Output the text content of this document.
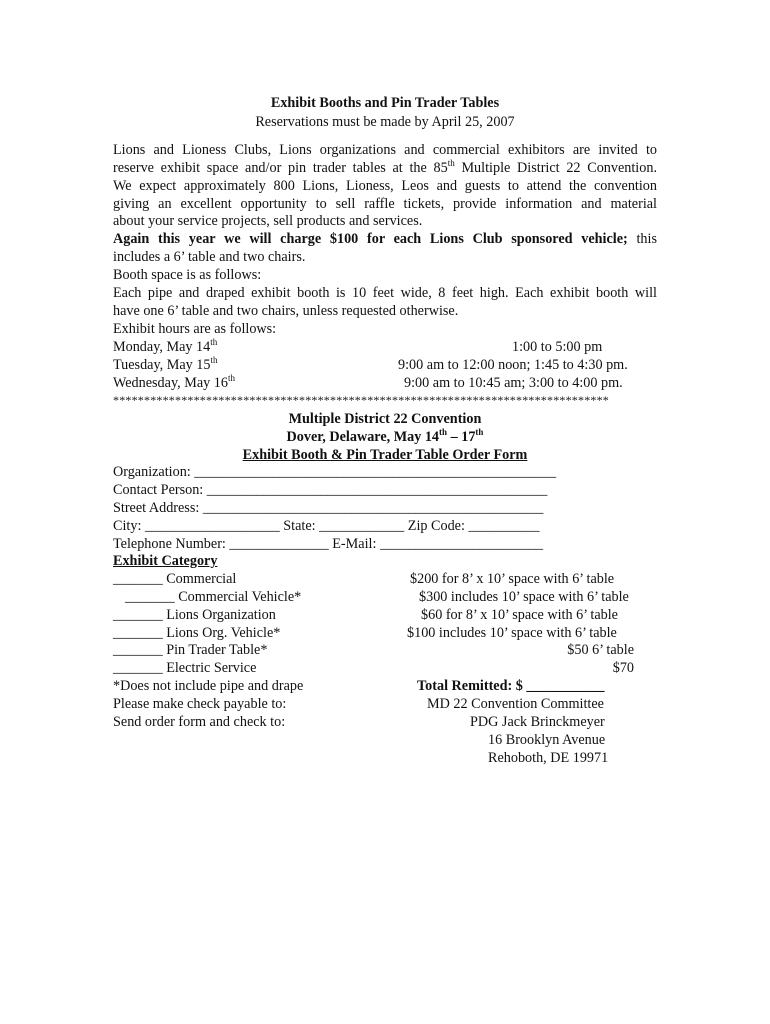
Exhibit Booths and Pin Trader Tables
Reservations must be made by April 25, 2007
Lions and Lioness Clubs, Lions organizations and commercial exhibitors are invited to
reserve exhibit space and/or pin trader tables at the 85th Multiple District 22 Convention.
We expect approximately 800 Lions, Lioness, Leos and guests to attend the convention
giving an excellent opportunity to sell raffle tickets, provide information and material
about your service projects, sell products and services.
Again this year we will charge $100 for each Lions Club sponsored vehicle; this
includes a 6’ table and two chairs.
Booth space is as follows:
Each pipe and draped exhibit booth is 10 feet wide, 8 feet high. Each exhibit booth will
have one 6’ table and two chairs, unless requested otherwise.
Exhibit hours are as follows:
Monday, May 14th	1:00 to 5:00 pm
Tuesday, May 15th	9:00 am to 12:00 noon; 1:45 to 4:30 pm.
Wednesday, May 16th	9:00 am to 10:45 am; 3:00 to 4:00 pm.
********************************************************************************
Multiple District 22 Convention
Dover, Delaware, May 14th – 17th
Exhibit Booth & Pin Trader Table Order Form
Organization: ___________________________________________________
Contact Person: ________________________________________________
Street Address: ________________________________________________
City: ___________________ State: ____________ Zip Code: __________
Telephone Number: ______________ E-Mail: _______________________
Exhibit Category
_______ Commercial	$200 for 8’ x 10’ space with 6’ table
_______ Commercial Vehicle*	$300 includes 10’ space with 6’ table
_______ Lions Organization	$60 for 8’ x 10’ space with 6’ table
_______ Lions Org. Vehicle*	$100 includes 10’ space with 6’ table
_______ Pin Trader Table*	$50 6’ table
_______ Electric Service	$70
*Does not include pipe and drape	Total Remitted: $ ___________
Please make check payable to:	MD 22 Convention Committee
Send order form and check to:	PDG Jack Brinckmeyer
16 Brooklyn Avenue
Rehoboth, DE 19971
